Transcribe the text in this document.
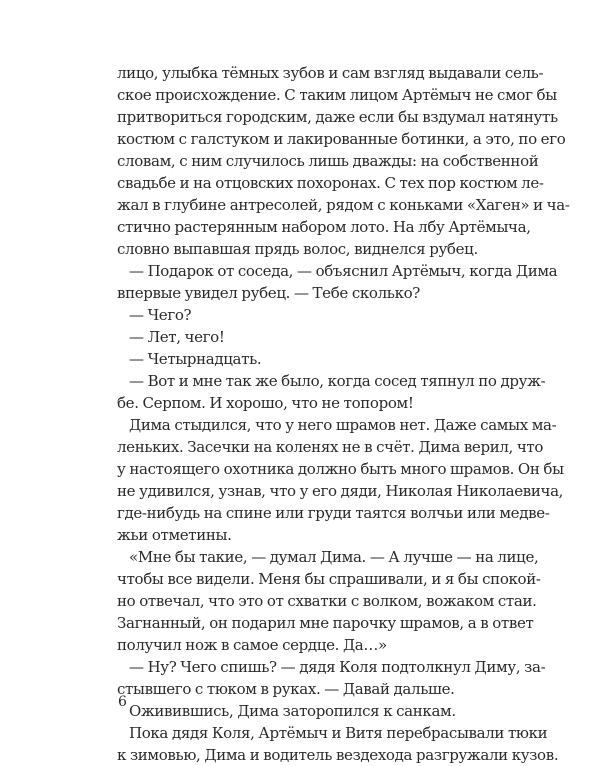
лицо, улыбка тёмных зубов и сам взгляд выдавали сель-
ское происхождение. С таким лицом Артёмыч не смог бы
притвориться городским, даже если бы вздумал натянуть
костюм с галстуком и лакированные ботинки, а это, по его
словам, с ним случилось лишь дважды: на собственной
свадьбе и на отцовских похоронах. С тех пор костюм ле-
жал в глубине антресолей, рядом с коньками «Хаген» и ча-
стично растерянным набором лото. На лбу Артёмыча,
словно выпавшая прядь волос, виднелся рубец.
— Подарок от соседа, — объяснил Артёмыч, когда Дима
впервые увидел рубец. — Тебе сколько?
— Чего?
— Лет, чего!
— Четырнадцать.
— Вот и мне так же было, когда сосед тяпнул по друж-
бе. Серпом. И хорошо, что не топором!
Дима стыдился, что у него шрамов нет. Даже самых ма-
леньких. Засечки на коленях не в счёт. Дима верил, что
у настоящего охотника должно быть много шрамов. Он бы
не удивился, узнав, что у его дяди, Николая Николаевича,
где-нибудь на спине или груди таятся волчьи или медве-
жьи отметины.
«Мне бы такие, — думал Дима. — А лучше — на лице,
чтобы все видели. Меня бы спрашивали, и я бы спокой-
но отвечал, что это от схватки с волком, вожаком стаи.
Загнанный, он подарил мне парочку шрамов, а в ответ
получил нож в самое сердце. Да…»
— Ну? Чего спишь? — дядя Коля подтолкнул Диму, за-
стывшего с тюком в руках. — Давай дальше.
Оживившись, Дима заторопился к санкам.
Пока дядя Коля, Артёмыч и Витя перебрасывали тюки
к зимовью, Дима и водитель вездехода разгружали кузов.
6
